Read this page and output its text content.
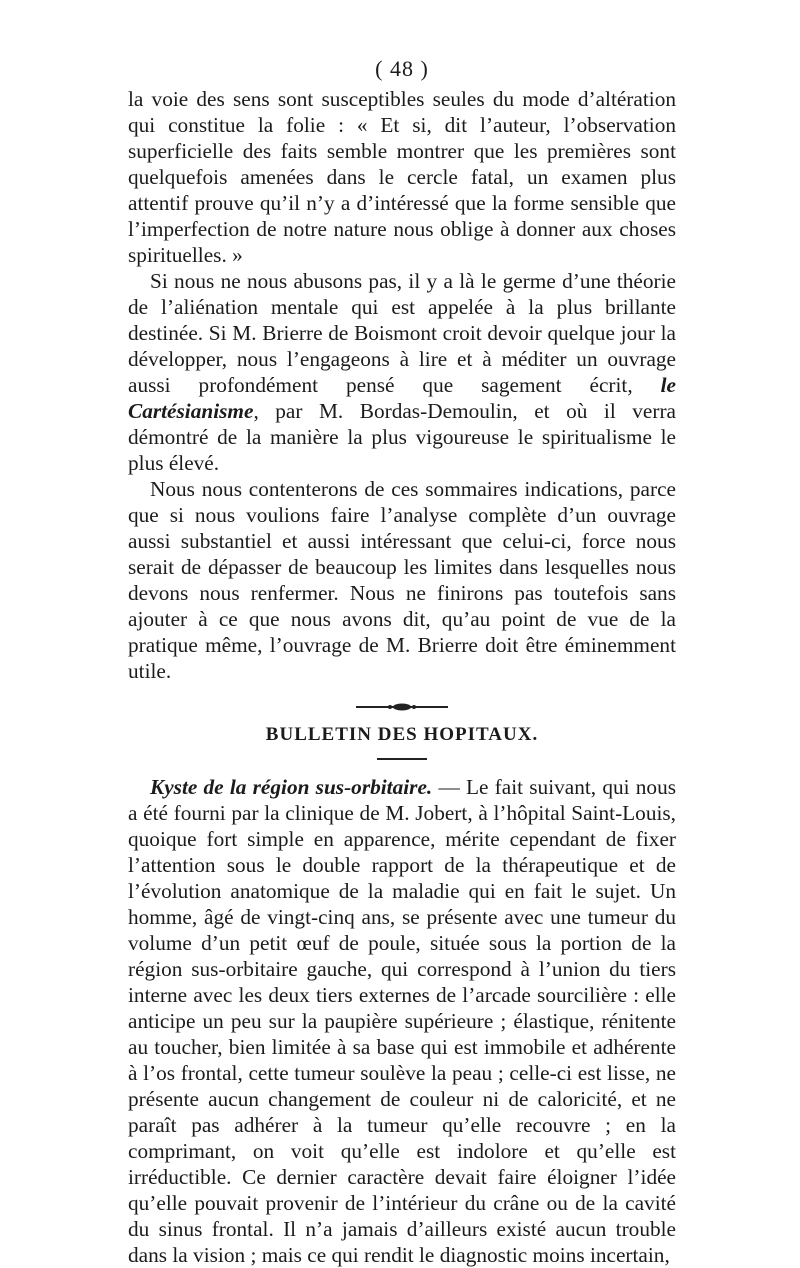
( 48 )

la voie des sens sont susceptibles seules du mode d’altération qui constitue la folie : « Et si, dit l’auteur, l’observation superficielle des faits semble montrer que les premières sont quelquefois amenées dans le cercle fatal, un examen plus attentif prouve qu’il n’y a d’intéressé que la forme sensible que l’imperfection de notre nature nous oblige à donner aux choses spirituelles. »

Si nous ne nous abusons pas, il y a là le germe d’une théorie de l’aliénation mentale qui est appelée à la plus brillante destinée. Si M. Brierre de Boismont croit devoir quelque jour la développer, nous l’engageons à lire et à méditer un ouvrage aussi profondément pensé que sagement écrit, le Cartésianisme, par M. Bordas-Demoulin, et où il verra démontré de la manière la plus vigoureuse le spiritualisme le plus élevé.

Nous nous contenterons de ces sommaires indications, parce que si nous voulions faire l’analyse complète d’un ouvrage aussi substantiel et aussi intéressant que celui-ci, force nous serait de dépasser de beaucoup les limites dans lesquelles nous devons nous renfermer. Nous ne finirons pas toutefois sans ajouter à ce que nous avons dit, qu’au point de vue de la pratique même, l’ouvrage de M. Brierre doit être éminemment utile.

BULLETIN DES HOPITAUX.

Kyste de la région sus-orbitaire. — Le fait suivant, qui nous a été fourni par la clinique de M. Jobert, à l’hôpital Saint-Louis, quoique fort simple en apparence, mérite cependant de fixer l’attention sous le double rapport de la thérapeutique et de l’évolution anatomique de la maladie qui en fait le sujet. Un homme, âgé de vingt-cinq ans, se présente avec une tumeur du volume d’un petit œuf de poule, située sous la portion de la région sus-orbitaire gauche, qui correspond à l’union du tiers interne avec les deux tiers externes de l’arcade sourcilière : elle anticipe un peu sur la paupière supérieure ; élastique, rénitente au toucher, bien limitée à sa base qui est immobile et adhérente à l’os frontal, cette tumeur soulève la peau ; celle-ci est lisse, ne présente aucun changement de couleur ni de caloricité, et ne paraît pas adhérer à la tumeur qu’elle recouvre ; en la comprimant, on voit qu’elle est indolore et qu’elle est irréductible. Ce dernier caractère devait faire éloigner l’idée qu’elle pouvait provenir de l’intérieur du crâne ou de la cavité du sinus frontal. Il n’a jamais d’ailleurs existé aucun trouble dans la vision ; mais ce qui rendit le diagnostic moins incertain,
